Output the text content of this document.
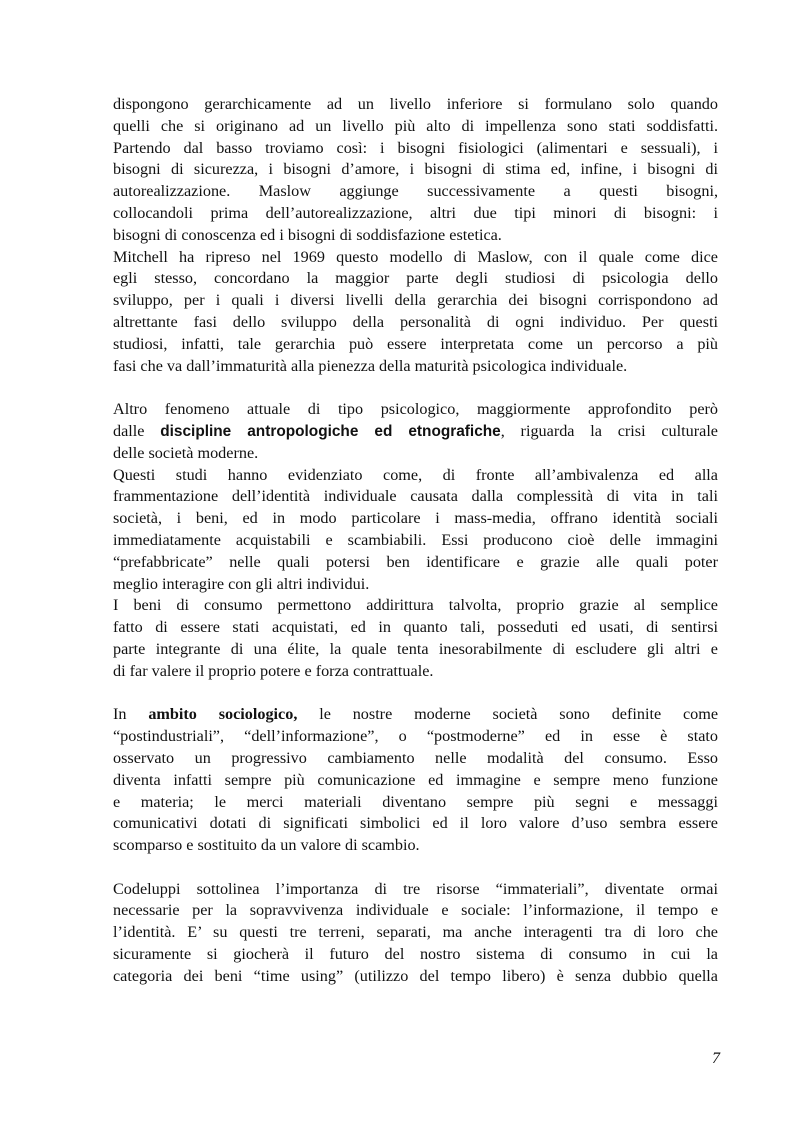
dispongono gerarchicamente ad un livello inferiore si formulano solo quando
quelli che si originano ad un livello più alto di impellenza sono stati soddisfatti.
Partendo dal basso troviamo così: i bisogni fisiologici (alimentari e sessuali), i
bisogni di sicurezza, i bisogni d’amore, i bisogni di stima ed, infine, i bisogni di
autorealizzazione. Maslow aggiunge successivamente a questi bisogni,
collocandoli prima dell’autorealizzazione, altri due tipi minori di bisogni: i
bisogni di conoscenza ed i bisogni di soddisfazione estetica.
Mitchell ha ripreso nel 1969 questo modello di Maslow, con il quale come dice
egli stesso, concordano la maggior parte degli studiosi di psicologia dello
sviluppo, per i quali i diversi livelli della gerarchia dei bisogni corrispondono ad
altrettante fasi dello sviluppo della personalità di ogni individuo. Per questi
studiosi, infatti, tale gerarchia può essere interpretata come un percorso a più
fasi che va dall’immaturità alla pienezza della maturità psicologica individuale.
Altro fenomeno attuale di tipo psicologico, maggiormente approfondito però
dalle discipline antropologiche ed etnografiche, riguarda la crisi culturale
delle società moderne.
Questi studi hanno evidenziato come, di fronte all’ambivalenza ed alla
frammentazione dell’identità individuale causata dalla complessità di vita in tali
società, i beni, ed in modo particolare i mass-media, offrano identità sociali
immediatamente acquistabili e scambiabili. Essi producono cioè delle immagini
“prefabbricate” nelle quali potersi ben identificare e grazie alle quali poter
meglio interagire con gli altri individui.
I beni di consumo permettono addirittura talvolta, proprio grazie al semplice
fatto di essere stati acquistati, ed in quanto tali, posseduti ed usati, di sentirsi
parte integrante di una élite, la quale tenta inesorabilmente di escludere gli altri e
di far valere il proprio potere e forza contrattuale.
In ambito sociologico, le nostre moderne società sono definite come
“postindustriali”, “dell’informazione”, o “postmoderne” ed in esse è stato
osservato un progressivo cambiamento nelle modalità del consumo. Esso
diventa infatti sempre più comunicazione ed immagine e sempre meno funzione
e materia; le merci materiali diventano sempre più segni e messaggi
comunicativi dotati di significati simbolici ed il loro valore d’uso sembra essere
scomparso e sostituito da un valore di scambio.
Codeluppi sottolinea l’importanza di tre risorse “immateriali”, diventate ormai
necessarie per la sopravvivenza individuale e sociale: l’informazione, il tempo e
l’identità. E’ su questi tre terreni, separati, ma anche interagenti tra di loro che
sicuramente si giocherà il futuro del nostro sistema di consumo in cui la
categoria dei beni “time using” (utilizzo del tempo libero) è senza dubbio quella
7
